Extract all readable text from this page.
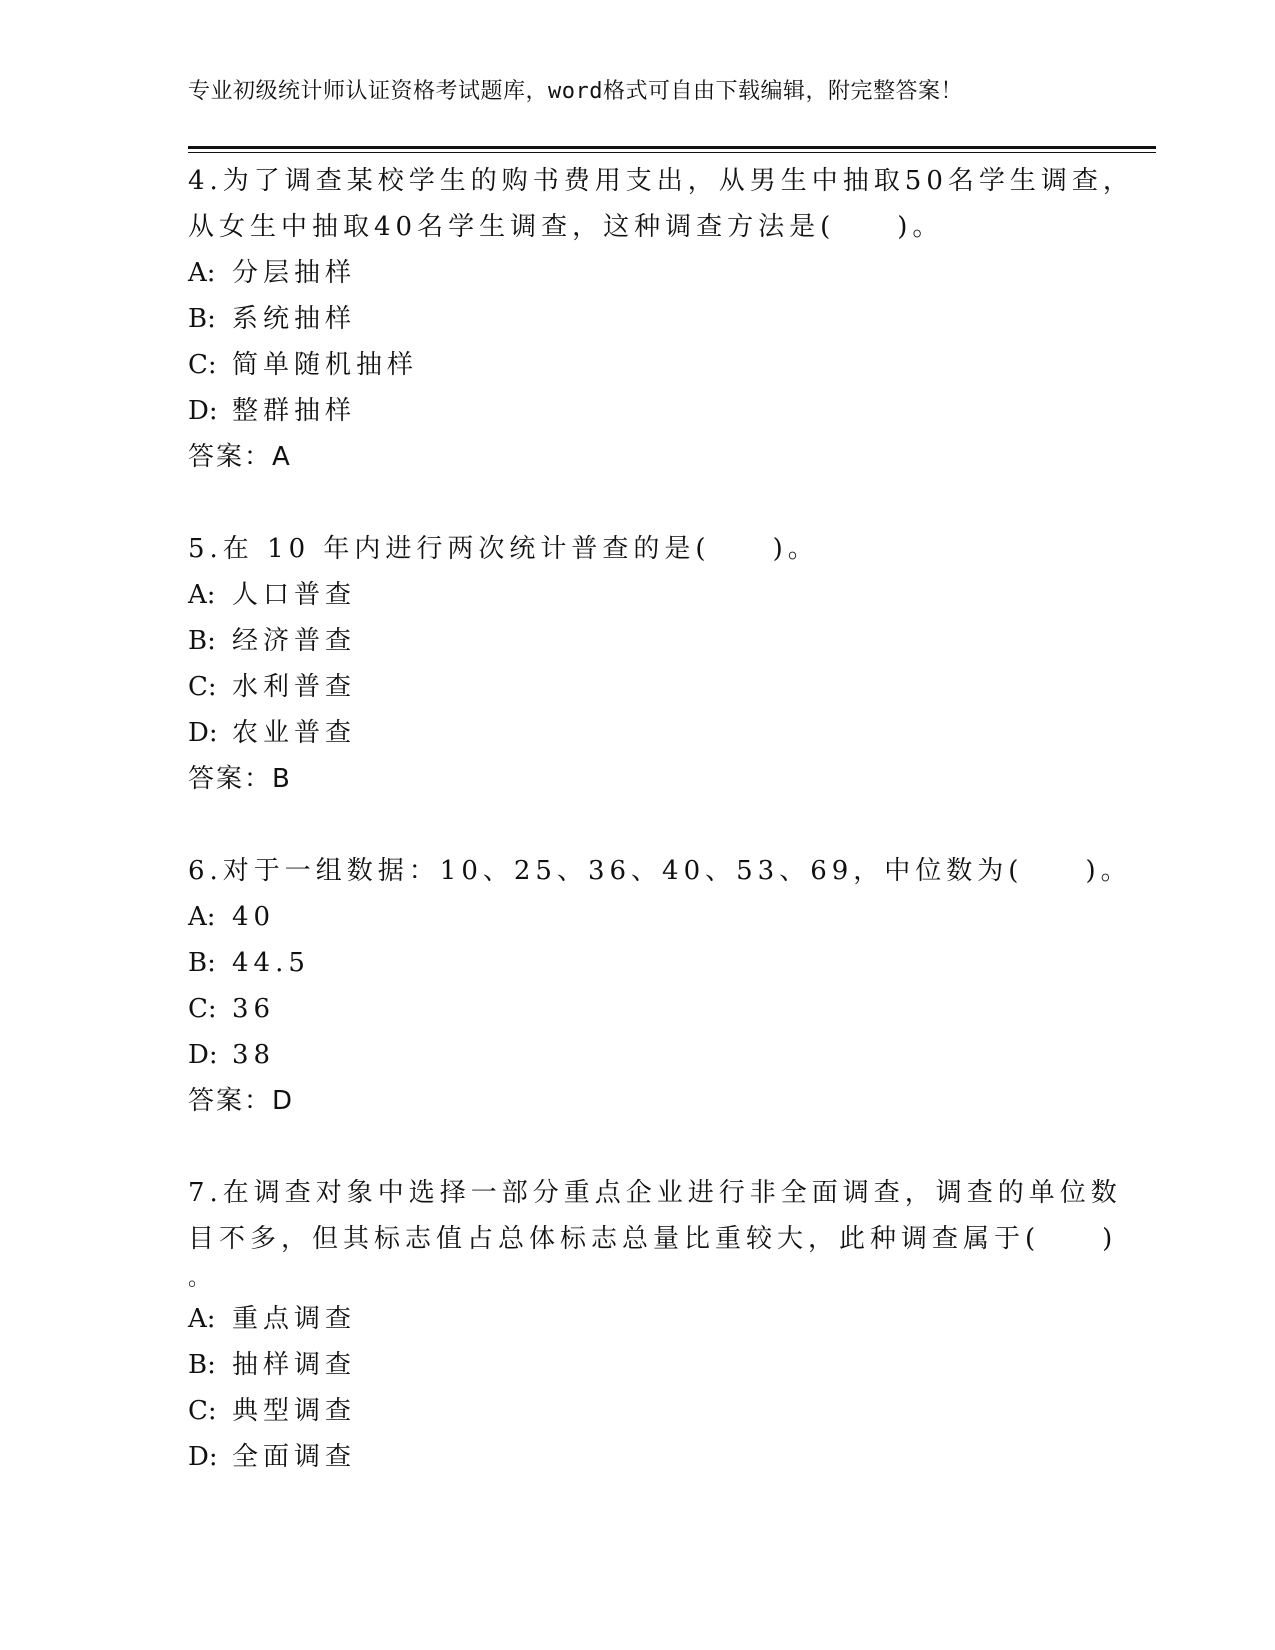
专业初级统计师认证资格考试题库，word格式可自由下载编辑，附完整答案！
4.为了调查某校学生的购书费用支出，从男生中抽取50名学生调查，
从女生中抽取40名学生调查，这种调查方法是(　　)。
A: 分层抽样
B: 系统抽样
C: 简单随机抽样
D: 整群抽样
答案：A
5.在 10 年内进行两次统计普查的是(　　)。
A: 人口普查
B: 经济普查
C: 水利普查
D: 农业普查
答案：B
6.对于一组数据：10、25、36、40、53、69，中位数为(　　)。
A: 40
B: 44.5
C: 36
D: 38
答案：D
7.在调查对象中选择一部分重点企业进行非全面调查，调查的单位数
目不多，但其标志值占总体标志总量比重较大，此种调查属于(　　)
。
A: 重点调查
B: 抽样调查
C: 典型调查
D: 全面调查
